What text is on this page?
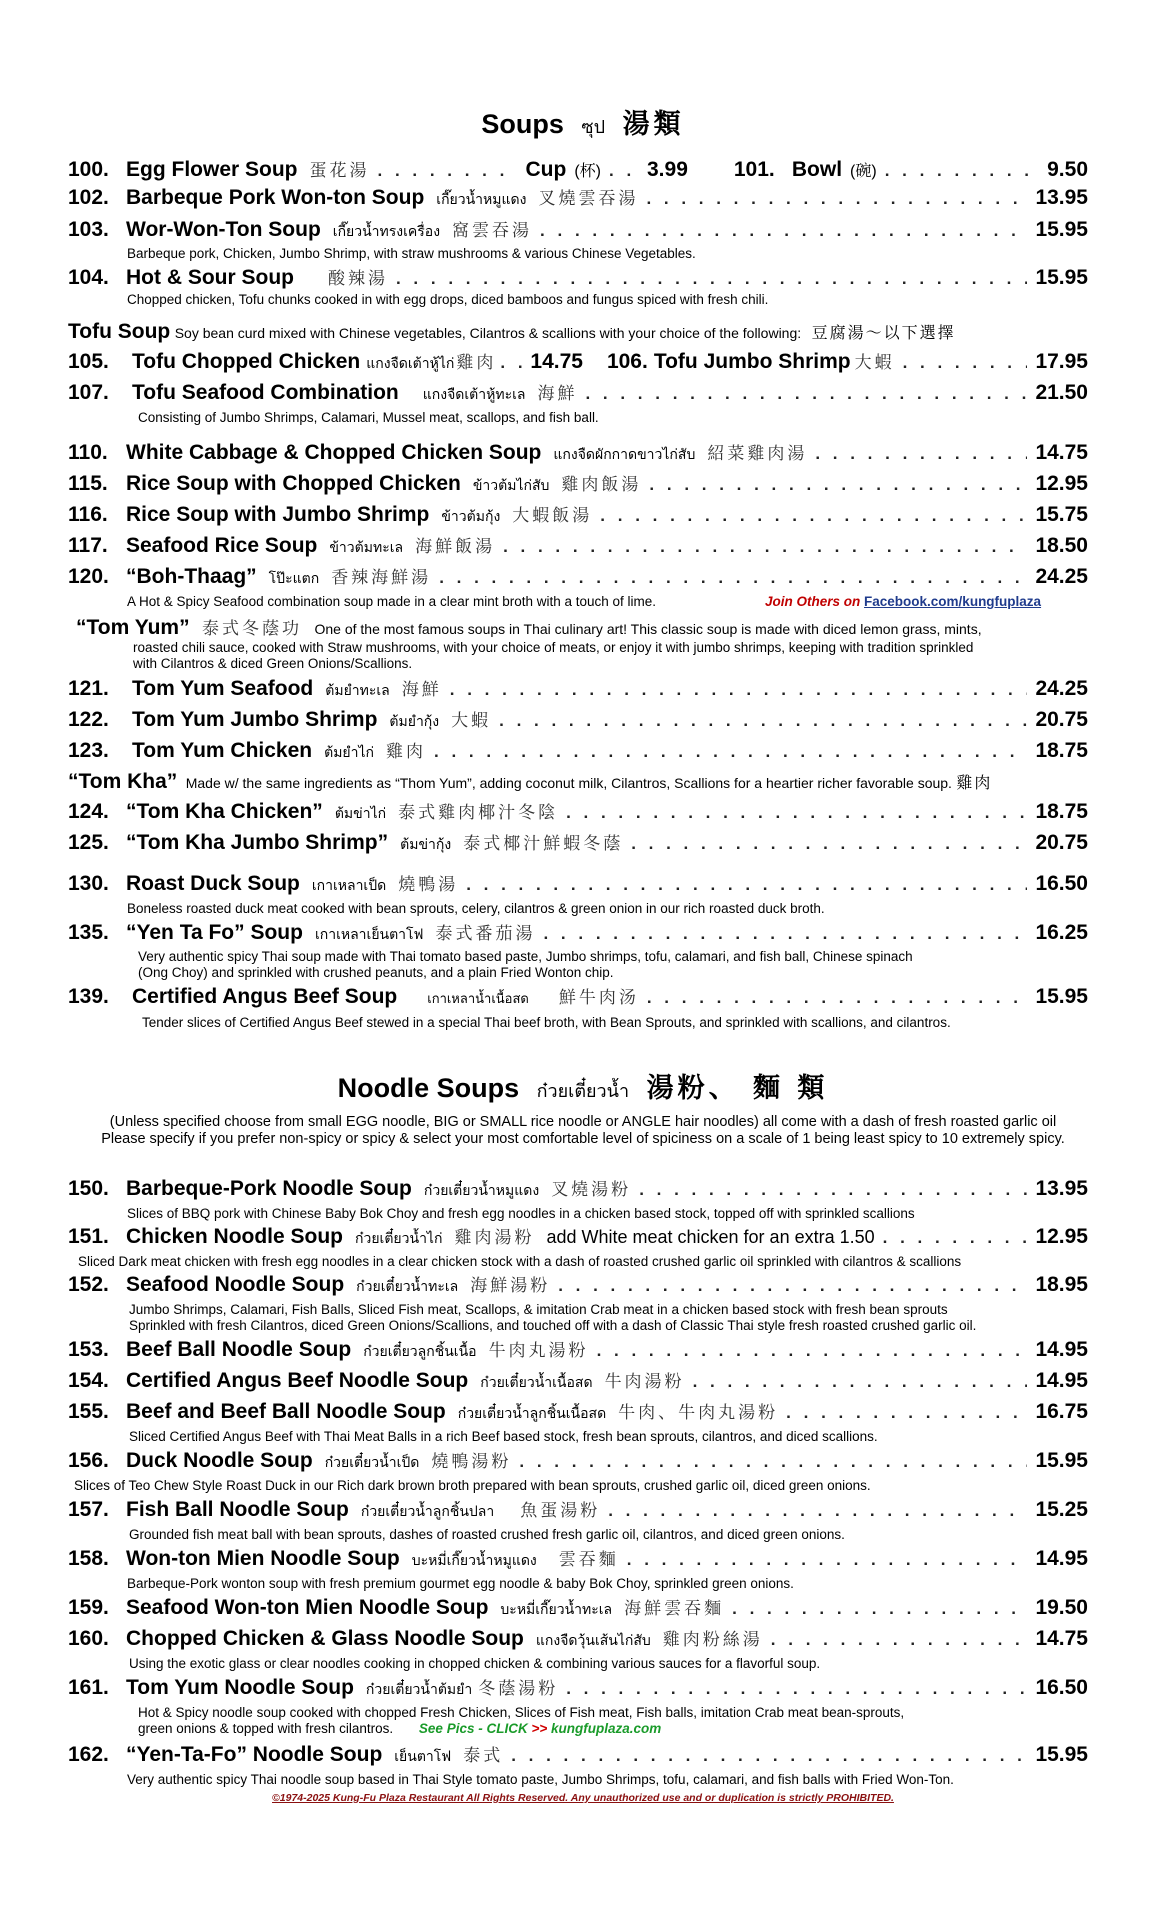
Soups ซุป 湯類
100. Egg Flower Soup 蛋花湯 . . .	Cup (杯) . . . 3.99 101. Bowl (碗) . . .	9.50
102. Barbeque Pork Won-ton Soup เกี๊ยวน้ำหมูแดง 叉燒雲吞湯 . . .	13.95
103. Wor-Won-Ton Soup เกี๊ยวน้ำทรงเครื่อง 窩雲吞湯 . . .	15.95
Barbeque pork, Chicken, Jumbo Shrimp, with straw mushrooms & various Chinese Vegetables.
104. Hot & Sour Soup 酸辣湯 . . .	15.95
Chopped chicken, Tofu chunks cooked in with egg drops, diced bamboos and fungus spiced with fresh chili.
Tofu Soup Soy bean curd mixed with Chinese vegetables, Cilantros & scallions with your choice of the following: 豆腐湯～以下選擇
105.	Tofu Chopped Chicken แกงจืดเต้าหู้ไก่ 雞肉 . . . 14.75 106. Tofu Jumbo Shrimp 大蝦 . . .	17.95
107.	Tofu Seafood Combination แกงจืดเต้าหู้ทะเล 海鮮 . . .	21.50
Consisting of Jumbo Shrimps, Calamari, Mussel meat, scallops, and fish ball.
110. White Cabbage & Chopped Chicken Soup แกงจืดผักกาดขาวไก่สับ 紹菜雞肉湯 . . .	14.75
115. Rice Soup with Chopped Chicken ข้าวต้มไก่สับ 雞肉飯湯 . . .	12.95
116. Rice Soup with Jumbo Shrimp ข้าวต้มกุ้ง 大蝦飯湯 . . .	15.75
117. Seafood Rice Soup ข้าวต้มทะเล 海鮮飯湯 . . .	18.50
120. “Boh-Thaag” โป๊ะแตก 香辣海鮮湯 . . .	24.25
A Hot & Spicy Seafood combination soup made in a clear mint broth with a touch of lime.	Join Others on Facebook.com/kungfuplaza
“Tom Yum” 泰式冬蔭功 One of the most famous soups in Thai culinary art! This classic soup is made with diced lemon grass, mints,
roasted chili sauce, cooked with Straw mushrooms, with your choice of meats, or enjoy it with jumbo shrimps, keeping with tradition sprinkled
with Cilantros & diced Green Onions/Scallions.
121.	Tom Yum Seafood ต้มยำทะเล 海鮮 . . .	24.25
122.	Tom Yum Jumbo Shrimp ต้มยำกุ้ง 大蝦 . . .	20.75
123.	Tom Yum Chicken ต้มยำไก่ 雞肉 . . .	18.75
“Tom Kha” Made w/ the same ingredients as “Thom Yum”, adding coconut milk, Cilantros, Scallions for a heartier richer favorable soup. 雞肉
124. “Tom Kha Chicken” ต้มข่าไก่ 泰式雞肉椰汁冬陰 . . .	18.75
125. “Tom Kha Jumbo Shrimp” ต้มข่ากุ้ง 泰式椰汁鮮蝦冬蔭 . . .	20.75
130. Roast Duck Soup เกาเหลาเป็ด 燒鴨湯 . . .	16.50
Boneless roasted duck meat cooked with bean sprouts, celery, cilantros & green onion in our rich roasted duck broth.
135. “Yen Ta Fo” Soup เกาเหลาเย็นตาโฟ 泰式番茄湯 . . .	16.25
Very authentic spicy Thai soup made with Thai tomato based paste, Jumbo shrimps, tofu, calamari, and fish ball, Chinese spinach
(Ong Choy) and sprinkled with crushed peanuts, and a plain Fried Wonton chip.
139.	Certified Angus Beef Soup เกาเหลาน้ำเนื้อสด 鮮牛肉汤 . . .	15.95
Tender slices of Certified Angus Beef stewed in a special Thai beef broth, with Bean Sprouts, and sprinkled with scallions, and cilantros.
Noodle Soups ก๋วยเตี๋ยวน้ำ 湯粉、 麵 類
(Unless specified choose from small EGG noodle, BIG or SMALL rice noodle or ANGLE hair noodles) all come with a dash of fresh roasted garlic oil
Please specify if you prefer non-spicy or spicy & select your most comfortable level of spiciness on a scale of 1 being least spicy to 10 extremely spicy.
150. Barbeque-Pork Noodle Soup ก๋วยเตี๋ยวน้ำหมูแดง 叉燒湯粉 . . .	13.95
Slices of BBQ pork with Chinese Baby Bok Choy and fresh egg noodles in a chicken based stock, topped off with sprinkled scallions
151. Chicken Noodle Soup ก๋วยเตี๋ยวน้ำไก่ 雞肉湯粉 add White meat chicken for an extra 1.50 . . .	12.95
Sliced Dark meat chicken with fresh egg noodles in a clear chicken stock with a dash of roasted crushed garlic oil sprinkled with cilantros & scallions
152. Seafood Noodle Soup ก๋วยเตี๋ยวน้ำทะเล 海鮮湯粉 . . .	18.95
Jumbo Shrimps, Calamari, Fish Balls, Sliced Fish meat, Scallops, & imitation Crab meat in a chicken based stock with fresh bean sprouts
Sprinkled with fresh Cilantros, diced Green Onions/Scallions, and touched off with a dash of Classic Thai style fresh roasted crushed garlic oil.
153. Beef Ball Noodle Soup ก๋วยเตี๋ยวลูกชิ้นเนื้อ 牛肉丸湯粉 . . .	14.95
154. Certified Angus Beef Noodle Soup ก๋วยเตี๋ยวน้ำเนื้อสด 牛肉湯粉 . . .	14.95
155. Beef and Beef Ball Noodle Soup ก๋วยเตี๋ยวน้ำลูกชิ้นเนื้อสด 牛肉、牛肉丸湯粉 . . .	16.75
Sliced Certified Angus Beef with Thai Meat Balls in a rich Beef based stock, fresh bean sprouts, cilantros, and diced scallions.
156. Duck Noodle Soup ก๋วยเตี๋ยวน้ำเป็ด 燒鴨湯粉 . . .	15.95
Slices of Teo Chew Style Roast Duck in our Rich dark brown broth prepared with bean sprouts, crushed garlic oil, diced green onions.
157. Fish Ball Noodle Soup ก๋วยเตี๋ยวน้ำลูกชิ้นปลา 魚蛋湯粉 . . .	15.25
Grounded fish meat ball with bean sprouts, dashes of roasted crushed fresh garlic oil, cilantros, and diced green onions.
158. Won-ton Mien Noodle Soup บะหมี่เกี๊ยวน้ำหมูแดง 雲吞麵 . . .	14.95
Barbeque-Pork wonton soup with fresh premium gourmet egg noodle & baby Bok Choy, sprinkled green onions.
159. Seafood Won-ton Mien Noodle Soup บะหมี่เกี๊ยวน้ำทะเล 海鮮雲吞麵 . . .	19.50
160. Chopped Chicken & Glass Noodle Soup แกงจืดวุ้นเส้นไก่สับ 雞肉粉絲湯 . . .	14.75
Using the exotic glass or clear noodles cooking in chopped chicken & combining various sauces for a flavorful soup.
161. Tom Yum Noodle Soup ก๋วยเตี๋ยวน้ำต้มยำ 冬蔭湯粉 . . .	16.50
Hot & Spicy noodle soup cooked with chopped Fresh Chicken, Slices of Fish meat, Fish balls, imitation Crab meat bean-sprouts,
green onions & topped with fresh cilantros. See Pics - CLICK >> kungfuplaza.com
162. “Yen-Ta-Fo” Noodle Soup เย็นตาโฟ 泰式 . . .	15.95
Very authentic spicy Thai noodle soup based in Thai Style tomato paste, Jumbo Shrimps, tofu, calamari, and fish balls with Fried Won-Ton.
©1974-2025 Kung-Fu Plaza Restaurant All Rights Reserved. Any unauthorized use and or duplication is strictly PROHIBITED.
